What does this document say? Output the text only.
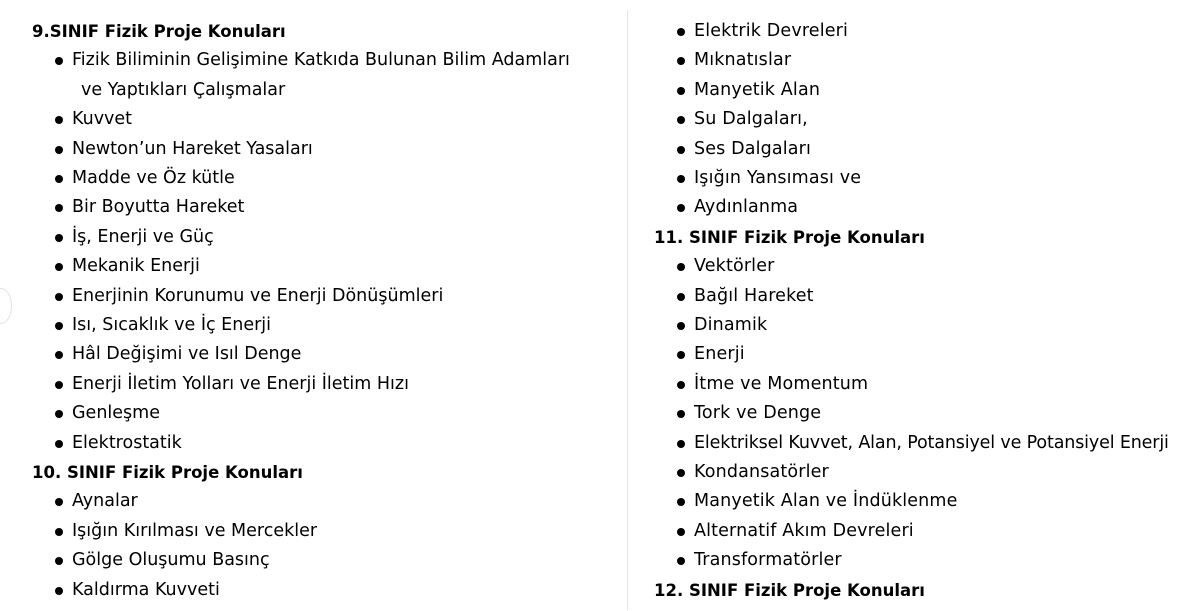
9.SINIF Fizik Proje Konuları
Fizik Biliminin Gelişimine Katkıda Bulunan Bilim Adamları
ve Yaptıkları Çalışmalar
Kuvvet
Newton’un Hareket Yasaları
Madde ve Öz kütle
Bir Boyutta Hareket
İş, Enerji ve Güç
Mekanik Enerji
Enerjinin Korunumu ve Enerji Dönüşümleri
Isı, Sıcaklık ve İç Enerji
Hâl Değişimi ve Isıl Denge
Enerji İletim Yolları ve Enerji İletim Hızı
Genleşme
Elektrostatik
10. SINIF Fizik Proje Konuları
Aynalar
Işığın Kırılması ve Mercekler
Gölge Oluşumu Basınç
Kaldırma Kuvveti
Elektrik Devreleri
Mıknatıslar
Manyetik Alan
Su Dalgaları,
Ses Dalgaları
Işığın Yansıması ve
Aydınlanma
11. SINIF Fizik Proje Konuları
Vektörler
Bağıl Hareket
Dinamik
Enerji
İtme ve Momentum
Tork ve Denge
Elektriksel Kuvvet, Alan, Potansiyel ve Potansiyel Enerji
Kondansatörler
Manyetik Alan ve İndüklenme
Alternatif Akım Devreleri
Transformatörler
12. SINIF Fizik Proje Konuları
